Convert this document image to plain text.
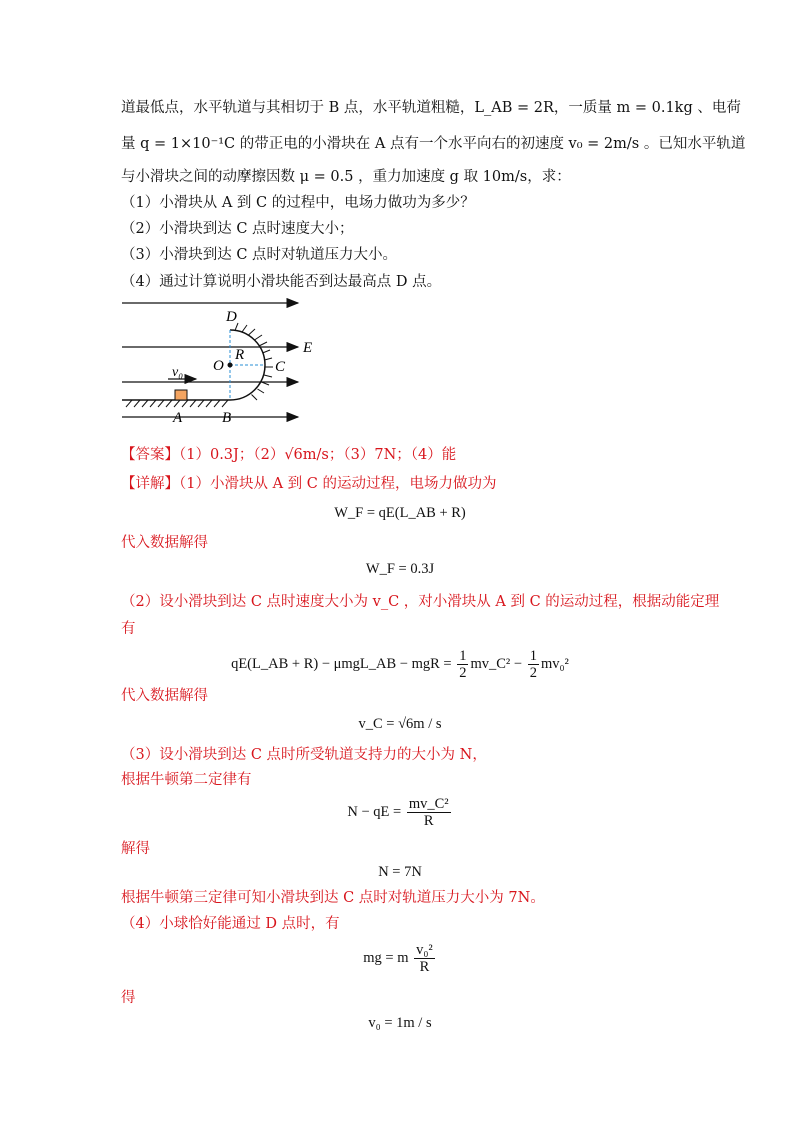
道最低点，水平轨道与其相切于 B 点，水平轨道粗糙，L_AB = 2R，一质量 m = 0.1kg 、电荷
量 q = 1×10⁻¹C 的带正电的小滑块在 A 点有一个水平向右的初速度 v₀ = 2m/s 。已知水平轨道
与小滑块之间的动摩擦因数 μ = 0.5 ，重力加速度 g 取 10m/s，求：
（1）小滑块从 A 到 C 的过程中，电场力做功为多少？
（2）小滑块到达 C 点时速度大小；
（3）小滑块到达 C 点时对轨道压力大小。
（4）通过计算说明小滑块能否到达最高点 D 点。
D
E
R
O	C
v₀
A	B
【答案】（1）0.3J；（2）√6m/s；（3）7N；（4）能
【详解】（1）小滑块从 A 到 C 的运动过程，电场力做功为
W_F = qE(L_AB + R)
代入数据解得
W_F = 0.3J
（2）设小滑块到达 C 点时速度大小为 v_C ，对小滑块从 A 到 C 的运动过程，根据动能定理
有
qE(L_AB + R) − μmgL_AB − mgR = $\frac{1}{2}$ mv_C² − $\frac{1}{2} mv_0^2$
代入数据解得
v_C = √6m / s
（3）设小滑块到达 C 点时所受轨道支持力的大小为 N，
根据牛顿第二定律有
N − qE = $\frac{\text{mv\_C²}}{R}$
解得
N = 7N
根据牛顿第三定律可知小滑块到达 C 点时对轨道压力大小为 7N。
（4）小球恰好能通过 D 点时，有
mg = m $\frac{\text{v₀²}}{R}$
得
v₀ = 1m / s
